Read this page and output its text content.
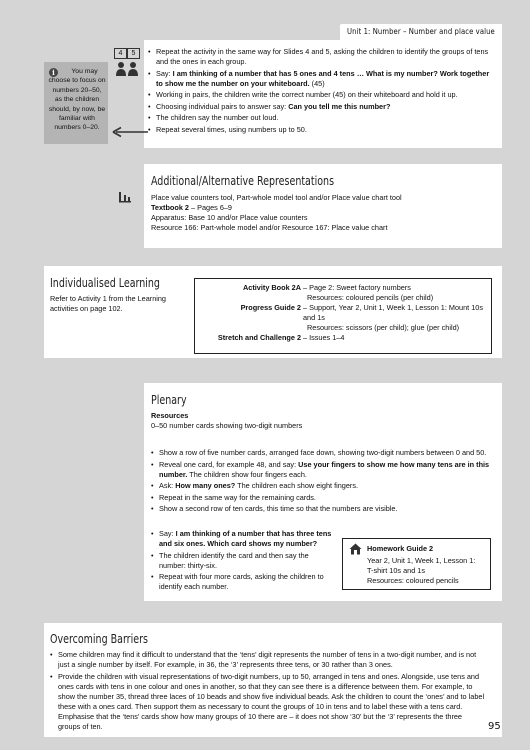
Unit 1: Number – Number and place value
4	5
•	Repeat the activity in the same way for Slides 4 and 5, asking the children to identify the groups of tens and the ones in each group.
• Say: I am thinking of a number that has 5 ones and 4 tens … What is my number? Work together to show me the number on your whiteboard. (45)
• Working in pairs, the children write the correct number (45) on their whiteboard and hold it up.
• Choosing individual pairs to answer say: Can you tell me this number?
• The children say the number out loud.
• Repeat several times, using numbers up to 50.
i	You may choose to focus on numbers 20–50, as the children should, by now, be familiar with numbers 0–20.
Additional/Alternative Representations

Place value counters tool, Part-whole model tool and/or Place value chart tool

Textbook 2 – Pages 6–9

Apparatus: Base 10 and/or Place value counters

Resource 166: Part-whole model and/or Resource 167: Place value chart

Individualised Learning
Refer to Activity 1 from the Learning activities on page 102.
Activity Book 2A – Page 2: Sweet factory numbers
Resources: coloured pencils (per child)
Progress Guide 2 – Support, Year 2, Unit 1, Week 1, Lesson 1: Mount 10s and 1s
Resources: scissors (per child); glue (per child)
Stretch and Challenge 2 – Issues 1–4
Plenary

Resources

0–50 number cards showing two-digit numbers

• Show a row of five number cards, arranged face down, showing two-digit numbers between 0 and 50.
• Reveal one card, for example 48, and say: Use your fingers to show me how many tens are in this number. The children show four fingers each.
• Ask: How many ones? The children each show eight fingers.
• Repeat in the same way for the remaining cards.
• Show a second row of ten cards, this time so that the numbers are visible.
• Say: I am thinking of a number that has three tens and six ones. Which card shows my number?
• The children identify the card and then say the number: thirty-six.
• Repeat with four more cards, asking the children to identify each number.

Homework Guide 2

Year 2, Unit 1, Week 1, Lesson 1:

T-shirt 10s and 1s

Resources: coloured pencils

Overcoming Barriers
• Some children may find it difficult to understand that the ‘tens’ digit represents the number of tens in a two-digit number, and is not just a single number by itself. For example, in 36, the ‘3’ represents three tens, or 30 rather than 3 ones.
• Provide the children with visual representations of two-digit numbers, up to 50, arranged in tens and ones. Alongside, use tens and ones cards with tens in one colour and ones in another, so that they can see there is a difference between them. For example, to show the number 35, thread three laces of 10 beads and show five individual beads. Ask the children to count the ‘ones’ and to label these with a ones card. Then support them as necessary to count the groups of 10 in tens and to label these with a tens card. Emphasise that the ‘tens’ cards show how many groups of 10 there are – it does not show ‘30’ but the ‘3’ represents the three groups of ten.	95
